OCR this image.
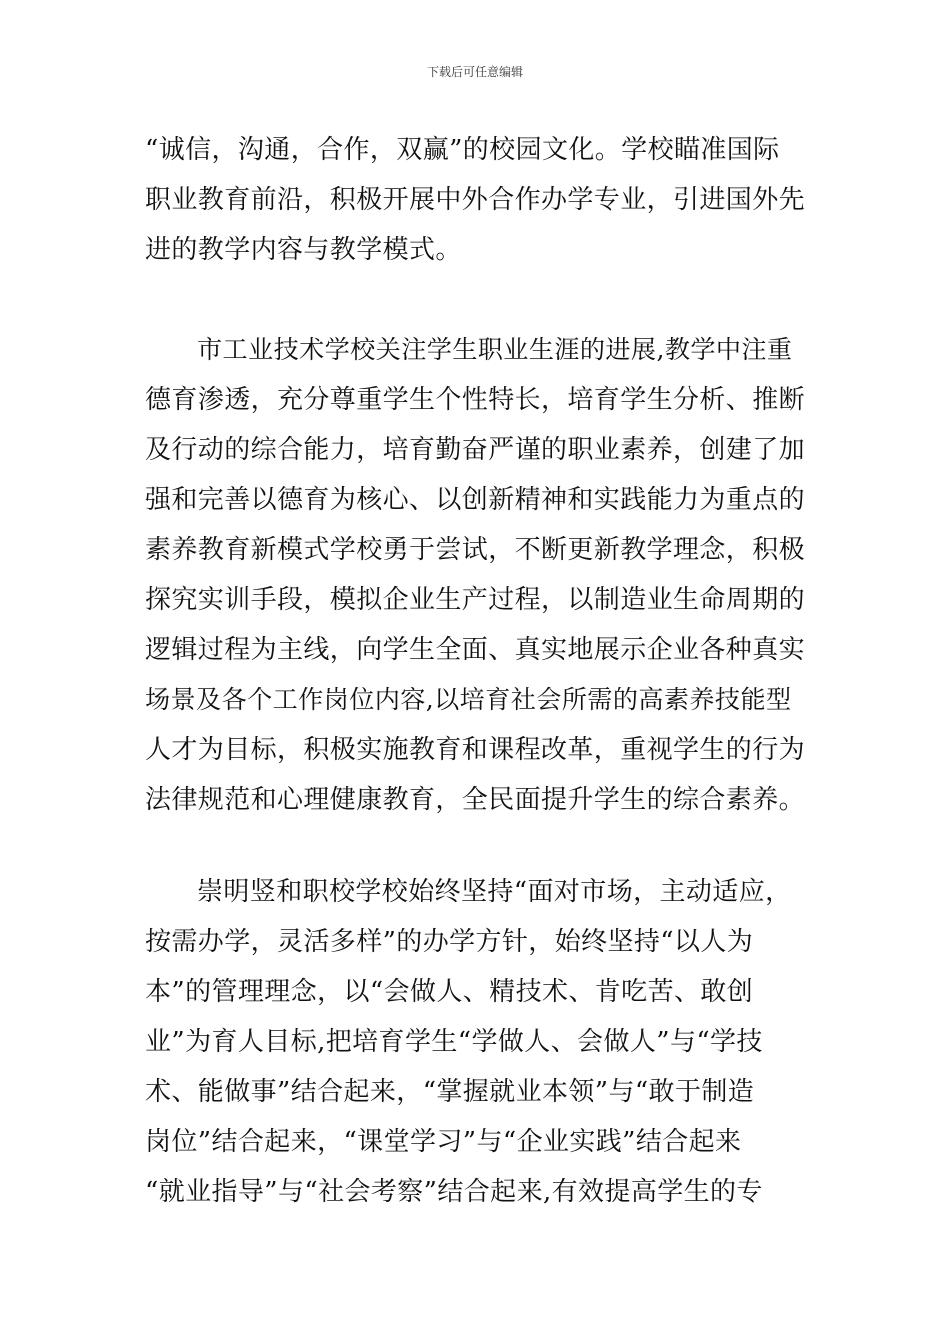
下载后可任意编辑
“诚信，沟通，合作，双赢”的校园文化。学校瞄准国际
职业教育前沿，积极开展中外合作办学专业，引进国外先
进的教学内容与教学模式。
市工业技术学校关注学生职业生涯的进展,教学中注重
德育渗透，充分尊重学生个性特长，培育学生分析、推断
及行动的综合能力，培育勤奋严谨的职业素养，创建了加
强和完善以德育为核心、以创新精神和实践能力为重点的
素养教育新模式学校勇于尝试，不断更新教学理念，积极
探究实训手段，模拟企业生产过程，以制造业生命周期的
逻辑过程为主线，向学生全面、真实地展示企业各种真实
场景及各个工作岗位内容,以培育社会所需的高素养技能型
人才为目标，积极实施教育和课程改革，重视学生的行为
法律规范和心理健康教育，全民面提升学生的综合素养。
崇明竖和职校学校始终坚持“面对市场，主动适应，
按需办学，灵活多样”的办学方针，始终坚持“以人为
本”的管理理念，以“会做人、精技术、肯吃苦、敢创
业”为育人目标,把培育学生“学做人、会做人”与“学技
术、能做事”结合起来，“掌握就业本领”与“敢于制造
岗位”结合起来，“课堂学习”与“企业实践”结合起来
“就业指导”与“社会考察”结合起来,有效提高学生的专
